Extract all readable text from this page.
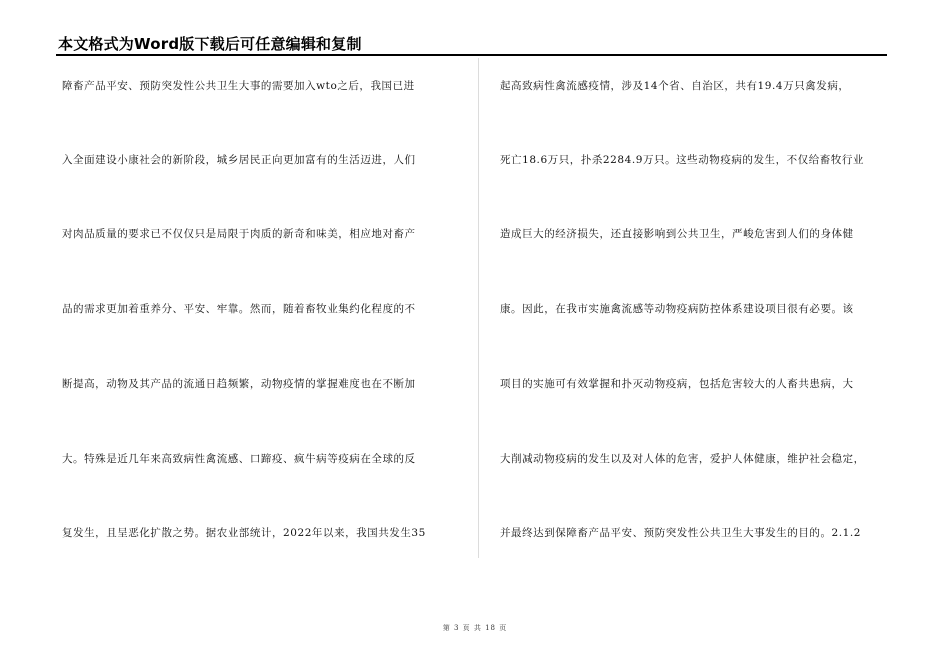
本文格式为Word版下载后可任意编辑和复制
障畜产品平安、预防突发性公共卫生大事的需要加入wto之后，我国已进
入全面建设小康社会的新阶段，城乡居民正向更加富有的生活迈进，人们
对肉品质量的要求已不仅仅只是局限于肉质的新奇和味美，相应地对畜产
品的需求更加着重养分、平安、牢靠。然而，随着畜牧业集约化程度的不
断提高，动物及其产品的流通日趋频繁，动物疫情的掌握难度也在不断加
大。特殊是近几年来高致病性禽流感、口蹄疫、疯牛病等疫病在全球的反
复发生，且呈恶化扩散之势。据农业部统计，2022年以来，我国共发生35
起高致病性禽流感疫情，涉及14个省、自治区，共有19.4万只禽发病，
死亡18.6万只，扑杀2284.9万只。这些动物疫病的发生，不仅给畜牧行业
造成巨大的经济损失，还直接影响到公共卫生，严峻危害到人们的身体健
康。因此，在我市实施禽流感等动物疫病防控体系建设项目很有必要。该
项目的实施可有效掌握和扑灭动物疫病，包括危害较大的人畜共患病，大
大削减动物疫病的发生以及对人体的危害，爱护人体健康，维护社会稳定，
并最终达到保障畜产品平安、预防突发性公共卫生大事发生的目的。2.1.2
第 3 页 共 18 页
